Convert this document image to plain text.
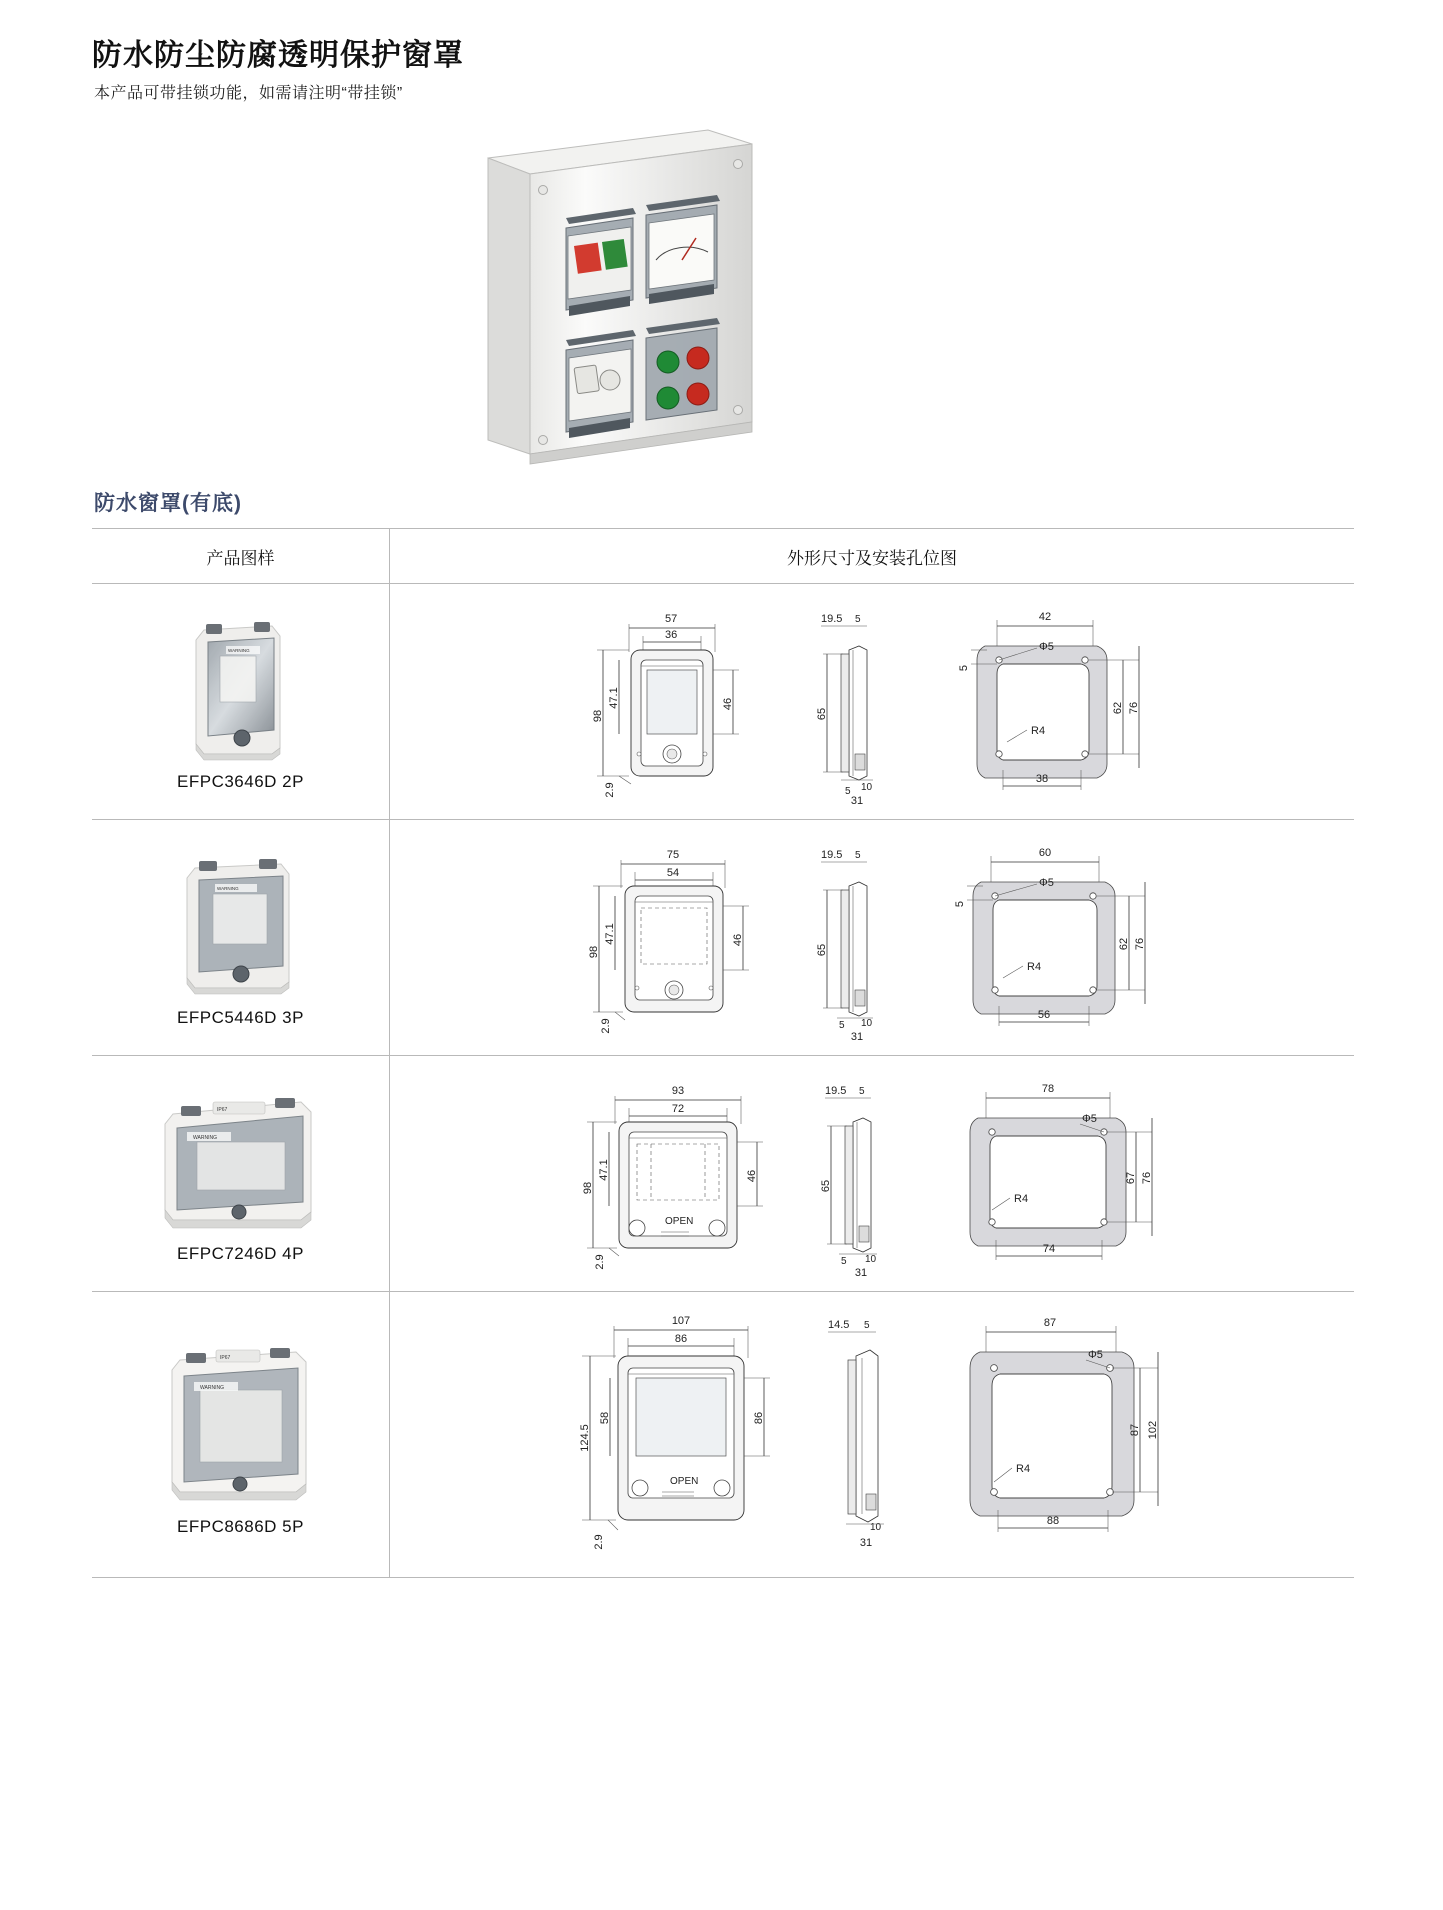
防水防尘防腐透明保护窗罩
本产品可带挂锁功能，如需请注明“带挂锁”
防水窗罩(有底)
产品图样	外形尺寸及安装孔位图
WARNING
EFPC3646D 2P
57
36
98
47.1	46
2.9
19.5 5
65
5 10
31
42
Φ5
R4
5
62 76
38
WARNING
EFPC5446D 3P
75
54
98
47.1	46
2.9
19.5 5
65
5 10
31
60
Φ5
R4
5
62 76
56
IP67
WARNING
EFPC7246D 4P
93
72
OPEN
98
47.1	46
2.9
19.5 5
65
5 10
31
78
Φ5
R4
67 76
74
IP67
WARNING
EFPC8686D 5P
107
86
OPEN
124.5
58	86
2.9
14.5 5
10
31
87
Φ5
R4
87 102
88
